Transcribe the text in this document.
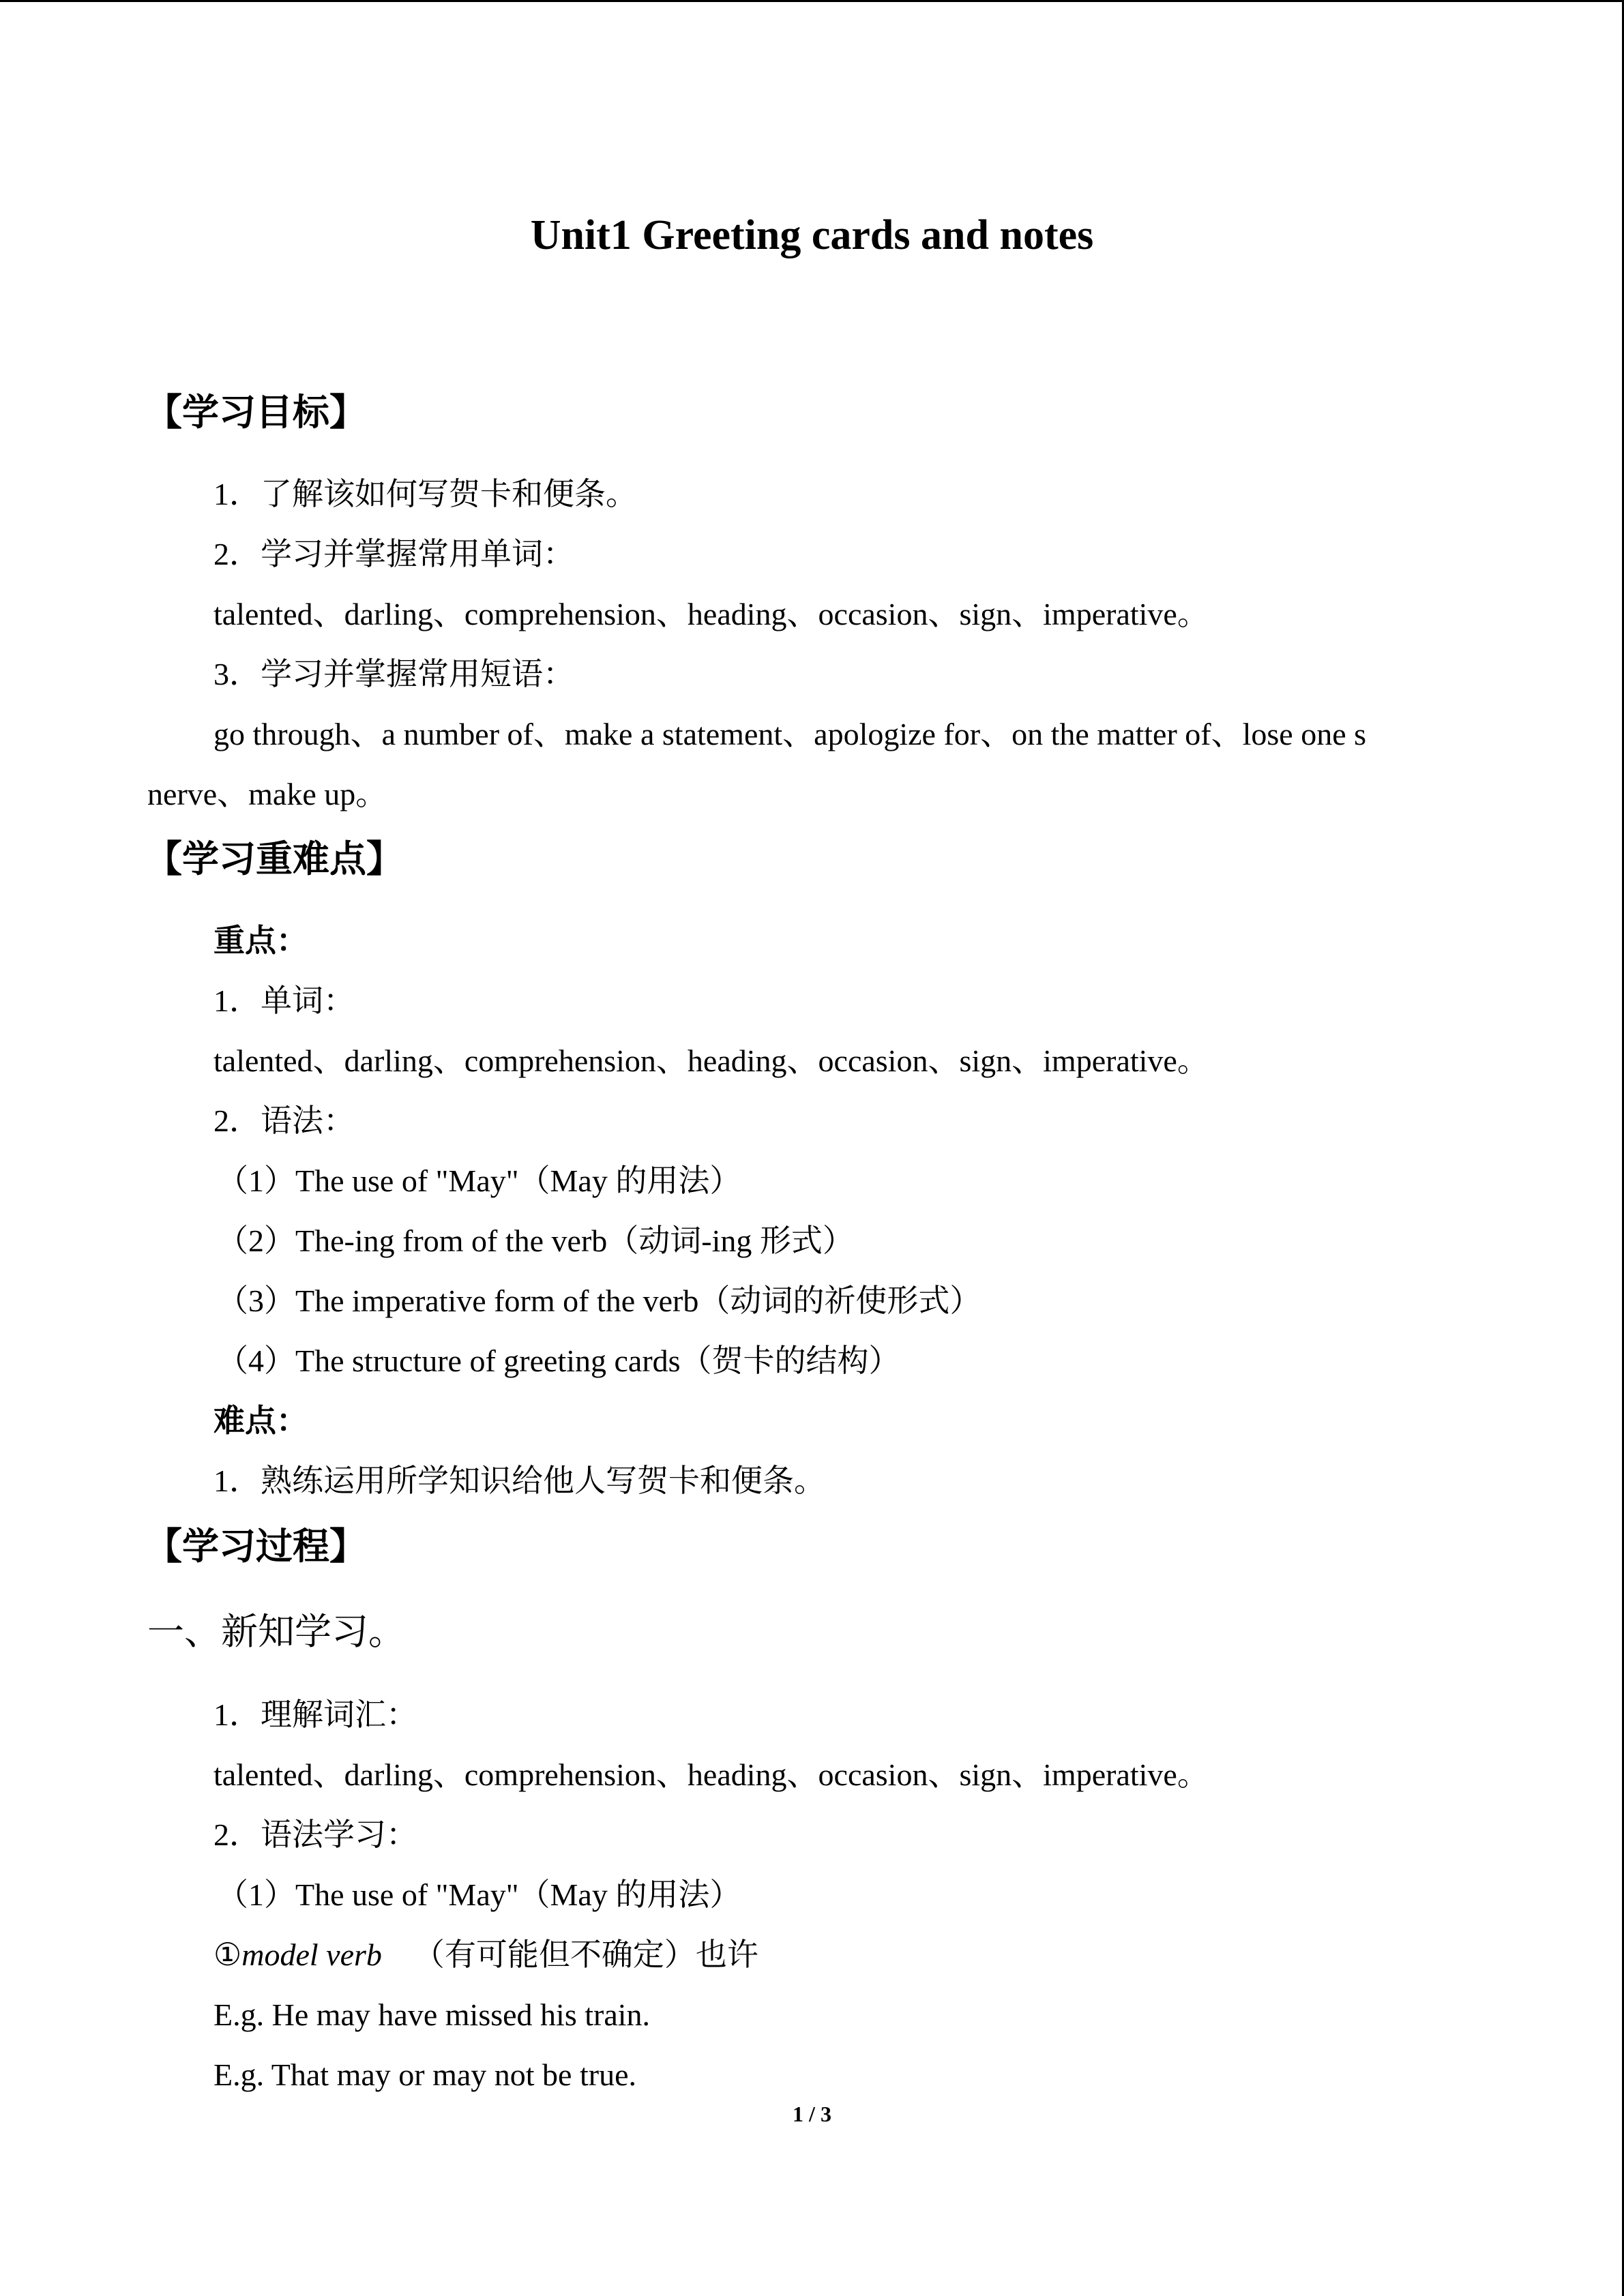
Unit1 Greeting cards and notes
【学习目标】
1．了解该如何写贺卡和便条。
2．学习并掌握常用单词：
talented、darling、comprehension、heading、occasion、sign、imperative。
3．学习并掌握常用短语：
go through、a number of、make a statement、apologize for、on the matter of、lose one s
nerve、make up。
【学习重难点】
重点：
1．单词：
talented、darling、comprehension、heading、occasion、sign、imperative。
2．语法：
（1）The use of "May"（May 的用法）
（2）The-ing from of the verb（动词-ing 形式）
（3）The imperative form of the verb（动词的祈使形式）
（4）The structure of greeting cards（贺卡的结构）
难点：
1．熟练运用所学知识给他人写贺卡和便条。
【学习过程】
一、新知学习。
1．理解词汇：
talented、darling、comprehension、heading、occasion、sign、imperative。
2．语法学习：
（1）The use of "May"（May 的用法）
①model verb （有可能但不确定）也许
E.g. He may have missed his train.
E.g. That may or may not be true.
1 / 3
